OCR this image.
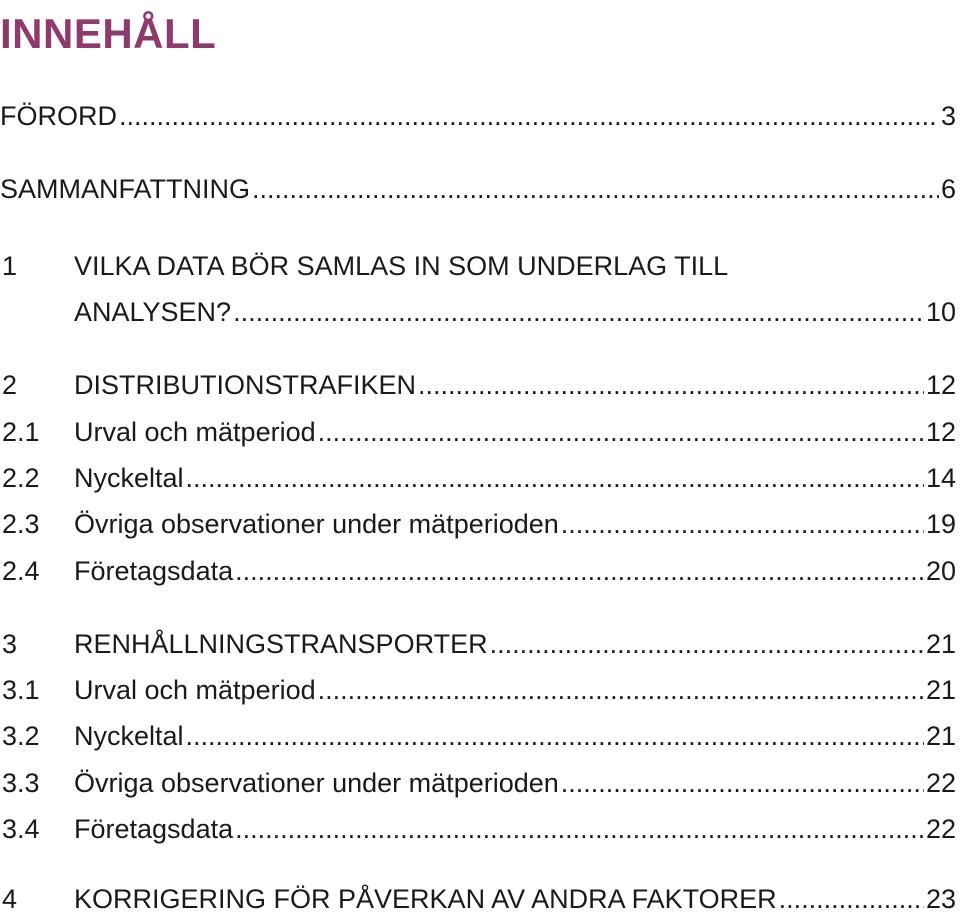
INNEHÅLL
FÖRORD .....	3
SAMMANFATTNING .....	6
1 VILKA DATA BÖR SAMLAS IN SOM UNDERLAG TILL
ANALYSEN? .....	10
2 DISTRIBUTIONSTRAFIKEN .....	12
2.1 Urval och mätperiod .....	12
2.2 Nyckeltal .....	14
2.3 Övriga observationer under mätperioden .....	19
2.4 Företagsdata .....	20
3 RENHÅLLNINGSTRANSPORTER .....	21
3.1 Urval och mätperiod .....	21
3.2 Nyckeltal .....	21
3.3 Övriga observationer under mätperioden .....	22
3.4 Företagsdata .....	22
4 KORRIGERING FÖR PÅVERKAN AV ANDRA FAKTORER .....	23
